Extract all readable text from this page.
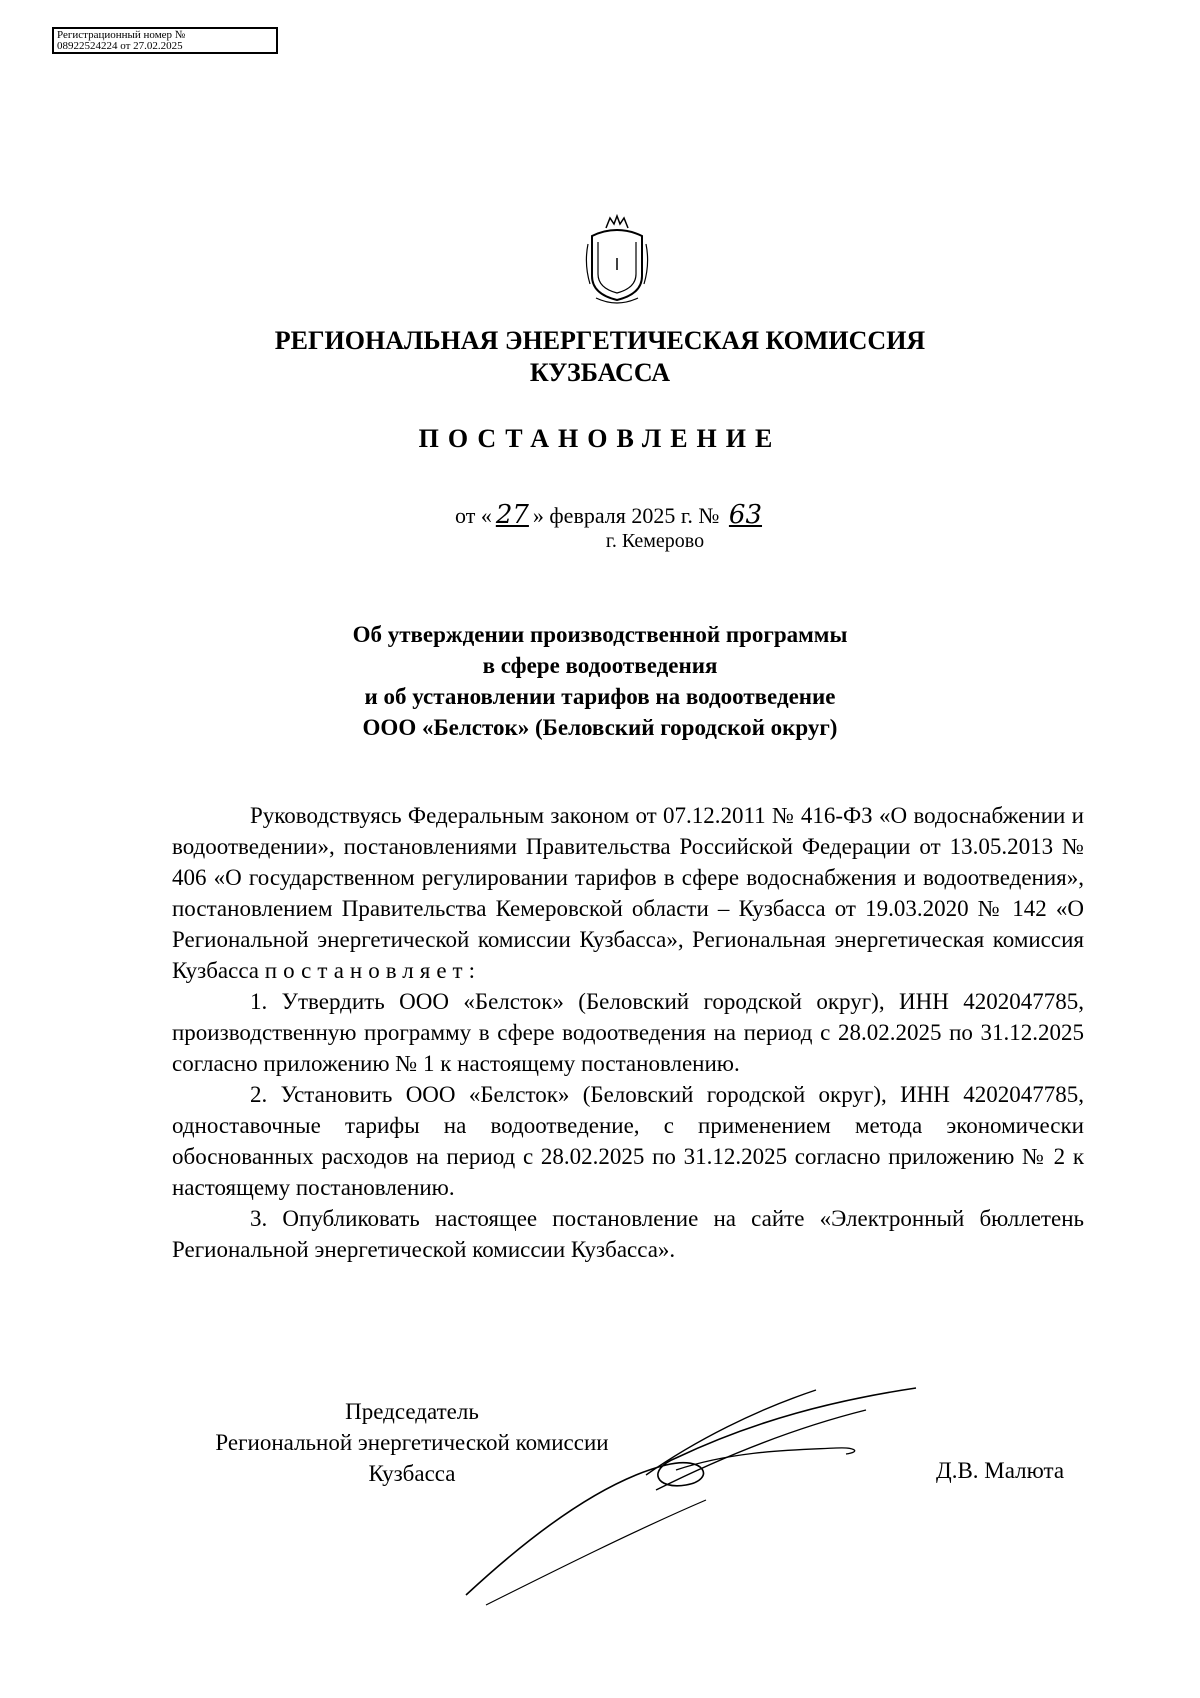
Регистрационный номер №
08922524224 от 27.02.2025
РЕГИОНАЛЬНАЯ ЭНЕРГЕТИЧЕСКАЯ КОМИССИЯ
КУЗБАССА
ПОСТАНОВЛЕНИЕ
от « 27 » февраля 2025 г. № 63
г. Кемерово
Об утверждении производственной программы
в сфере водоотведения
и об установлении тарифов на водоотведение
ООО «Белсток» (Беловский городской округ)

Руководствуясь Федеральным законом от 07.12.2011 № 416-ФЗ «О водоснабжении и водоотведении», постановлениями Правительства Российской Федерации от 13.05.2013 № 406 «О государственном регулировании тарифов в сфере водоснабжения и водоотведения», постановлением Правительства Кемеровской области – Кузбасса от 19.03.2020 № 142 «О Региональной энергетической комиссии Кузбасса», Региональная энергетическая комиссия Кузбасса постановляет:

1. Утвердить ООО «Белсток» (Беловский городской округ), ИНН 4202047785, производственную программу в сфере водоотведения на период с 28.02.2025 по 31.12.2025 согласно приложению № 1 к настоящему постановлению.

2. Установить ООО «Белсток» (Беловский городской округ), ИНН 4202047785, одноставочные тарифы на водоотведение, с применением метода экономически обоснованных расходов на период с 28.02.2025 по 31.12.2025 согласно приложению № 2 к настоящему постановлению.

3. Опубликовать настоящее постановление на сайте «Электронный бюллетень Региональной энергетической комиссии Кузбасса».

Председатель
Региональной энергетической комиссии
Кузбасса	Д.В. Малюта
